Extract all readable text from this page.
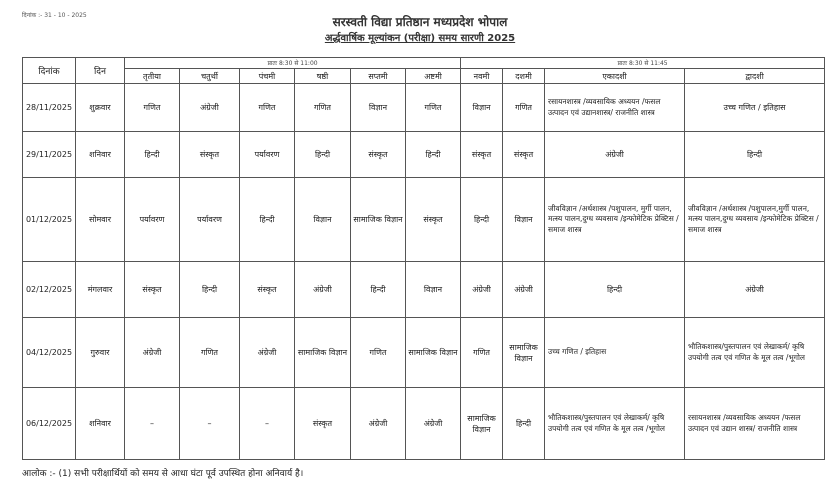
दिनांक :- 31 - 10 - 2025	सरस्वती विद्या प्रतिष्ठान मध्यप्रदेश भोपाल
अर्द्धवार्षिक मूल्यांकन (परीक्षा) समय सारणी 2025
दिनांक	दिन	प्रातः 8:30 से 11:00						प्रातः 8:30 से 11:45			
		तृतीया	चतुर्थी	पंचमी	षष्ठी	सप्तमी	अष्टमी	नवमी	दशमी	एकादशी	द्वादशी
28/11/2025	शुक्रवार	गणित	अंग्रेजी	गणित	गणित	विज्ञान	गणित	विज्ञान	गणित	रसायनशास्त्र /व्यवसायिक अध्ययन /फसल उत्पादन एवं उद्यानशास्त्र/ राजनीति शास्त्र	उच्च गणित / इतिहास
29/11/2025	शनिवार	हिन्दी	संस्कृत	पर्यावरण	हिन्दी	संस्कृत	हिन्दी	संस्कृत	संस्कृत	अंग्रेजी	हिन्दी
01/12/2025	सोमवार	पर्यावरण	पर्यावरण	हिन्दी	विज्ञान	सामाजिक विज्ञान	संस्कृत	हिन्दी	विज्ञान	जीवविज्ञान /अर्थशास्त्र /पशुपालन, मुर्गी पालन, मत्स्य पालन,दुग्ध व्यवसाय /इन्फोमेटिक प्रेक्टिस /समाज शास्त्र	जीवविज्ञान /अर्थशास्त्र /पशुपालन,मुर्गी पालन, मत्स्य पालन,दुग्ध व्यवसाय /इन्फोमेटिक प्रेक्टिस /समाज शास्त्र
02/12/2025	मंगलवार	संस्कृत	हिन्दी	संस्कृत	अंग्रेजी	हिन्दी	विज्ञान	अंग्रेजी	अंग्रेजी	हिन्दी	अंग्रेजी
04/12/2025	गुरुवार	अंग्रेजी	गणित	अंग्रेजी	सामाजिक विज्ञान	गणित	सामाजिक विज्ञान	गणित	सामाजिक विज्ञान	उच्च गणित / इतिहास	भौतिकशास्त्र/पुस्तपालन एवं लेखाकर्म/ कृषि उपयोगी तत्व एवं गणित के मूल तत्व /भूगोल
06/12/2025	शनिवार	–	–	–	संस्कृत	अंग्रेजी	अंग्रेजी	सामाजिक विज्ञान	हिन्दी	भौतिकशास्त्र/पुस्तपालन एवं लेखाकर्म/ कृषि उपयोगी तत्व एवं गणित के मूल तत्व /भूगोल	रसायनशास्त्र /व्यवसायिक अध्ययन /फसल उत्पादन एवं उद्यान शास्त्र/ राजनीति शास्त्र
आलोक :- (1) सभी परीक्षार्थियों को समय से आधा घंटा पूर्व उपस्थित होना अनिवार्य है।
